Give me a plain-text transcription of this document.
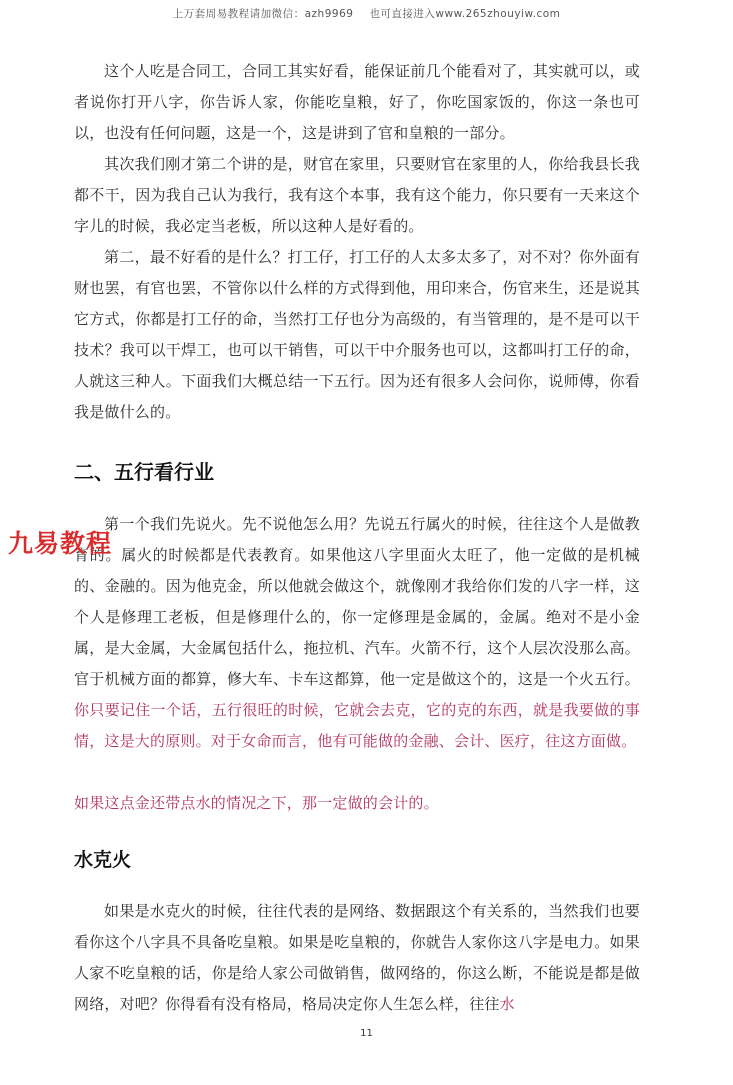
上万套周易教程请加微信：azh9969 也可直接进入www.265zhouyiw.com

这个人吃是合同工，合同工其实好看，能保证前几个能看对了，其实就可以，或者说你打开八字，你告诉人家，你能吃皇粮，好了，你吃国家饭的，你这一条也可以，也没有任何问题，这是一个，这是讲到了官和皇粮的一部分。

其次我们刚才第二个讲的是，财官在家里，只要财官在家里的人，你给我县长我都不干，因为我自己认为我行，我有这个本事，我有这个能力，你只要有一天来这个字儿的时候，我必定当老板，所以这种人是好看的。

第二，最不好看的是什么？打工仔，打工仔的人太多太多了，对不对？你外面有财也罢，有官也罢，不管你以什么样的方式得到他，用印来合，伤官来生，还是说其它方式，你都是打工仔的命，当然打工仔也分为高级的，有当管理的，是不是可以干技术？我可以干焊工，也可以干销售，可以干中介服务也可以，这都叫打工仔的命，人就这三种人。下面我们大概总结一下五行。因为还有很多人会问你，说师傅，你看我是做什么的。

二、五行看行业

第一个我们先说火。先不说他怎么用？先说五行属火的时候，往往这个人是做教育的。属火的时候都是代表教育。如果他这八字里面火太旺了，他一定做的是机械的、金融的。因为他克金，所以他就会做这个，就像刚才我给你们发的八字一样，这个人是修理工老板，但是修理什么的，你一定修理是金属的，金属。绝对不是小金属，是大金属，大金属包括什么，拖拉机、汽车。火箭不行，这个人层次没那么高。官于机械方面的都算，修大车、卡车这都算，他一定是做这个的，这是一个火五行。你只要记住一个话，五行很旺的时候，它就会去克，它的克的东西，就是我要做的事情，这是大的原则。对于女命而言，他有可能做的金融、会计、医疗，往这方面做。

如果这点金还带点水的情况之下，那一定做的会计的。

水克火

如果是水克火的时候，往往代表的是网络、数据跟这个有关系的，当然我们也要看你这个八字具不具备吃皇粮。如果是吃皇粮的，你就告人家你这八字是电力。如果人家不吃皇粮的话，你是给人家公司做销售，做网络的，你这么断，不能说是都是做网络，对吧？你得看有没有格局，格局决定你人生怎么样，往往水

九易教程
11
